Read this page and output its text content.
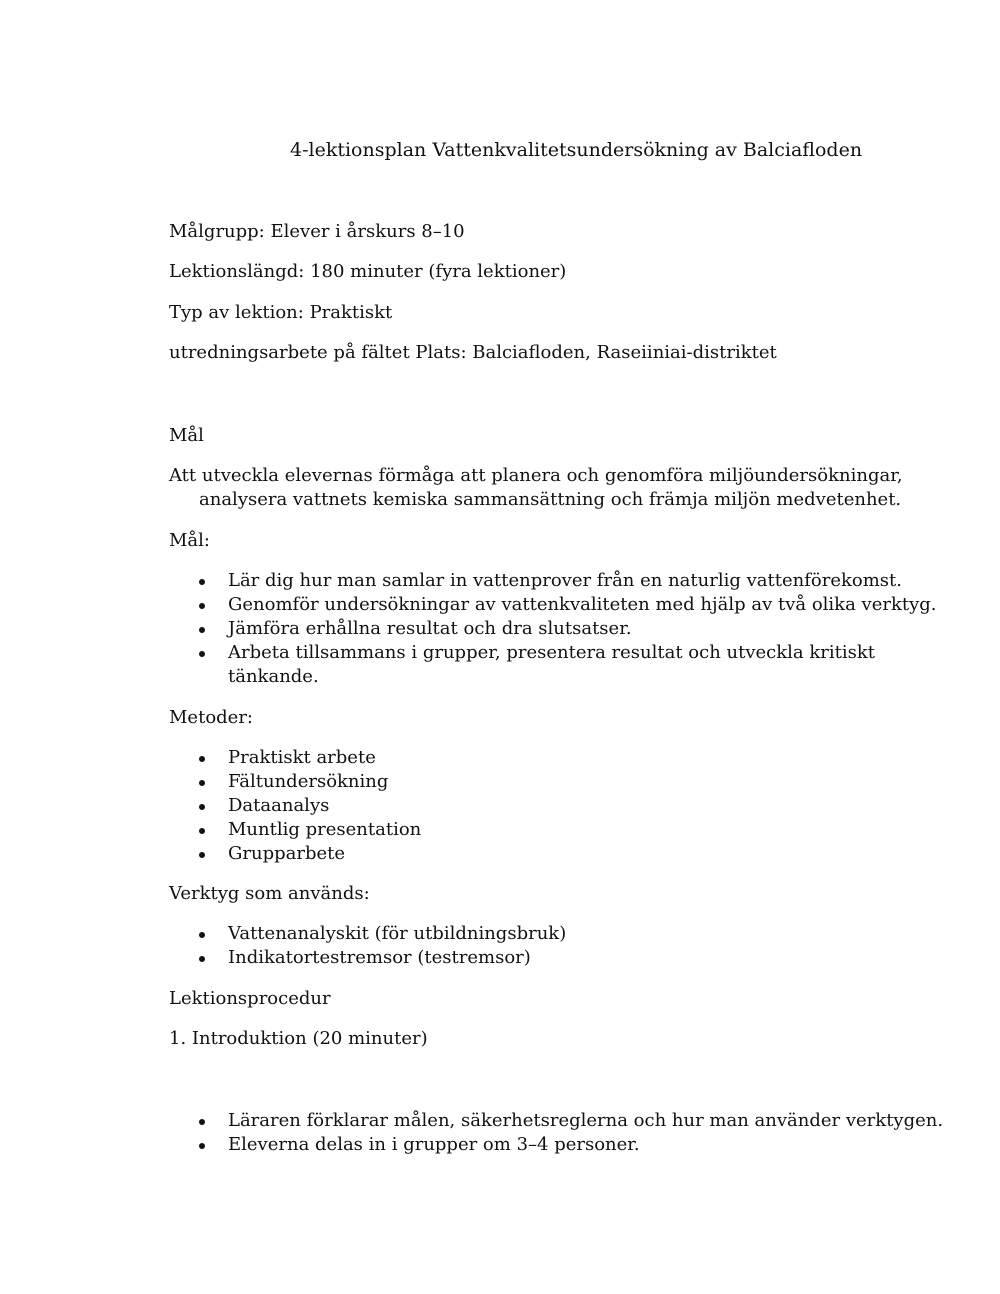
4-lektionsplan Vattenkvalitetsundersökning av Balciafloden
Målgrupp: Elever i årskurs 8–10
Lektionslängd: 180 minuter (fyra lektioner)
Typ av lektion: Praktiskt
utredningsarbete på fältet Plats: Balciafloden, Raseiiniai-distriktet
Mål

Att utveckla elevernas förmåga att planera och genomföra miljöundersökningar, analysera vattnets kemiska sammansättning och främja miljön medvetenhet.

Mål:
Lär dig hur man samlar in vattenprover från en naturlig vattenförekomst.
Genomför undersökningar av vattenkvaliteten med hjälp av två olika verktyg.
Jämföra erhållna resultat och dra slutsatser.
Arbeta tillsammans i grupper, presentera resultat och utveckla kritiskt tänkande.
Metoder:
Praktiskt arbete
Fältundersökning
Dataanalys
Muntlig presentation
Grupparbete
Verktyg som används:
Vattenanalyskit (för utbildningsbruk)
Indikatortestremsor (testremsor)
Lektionsprocedur
1. Introduktion (20 minuter)
Läraren förklarar målen, säkerhetsreglerna och hur man använder verktygen.
Eleverna delas in i grupper om 3–4 personer.
